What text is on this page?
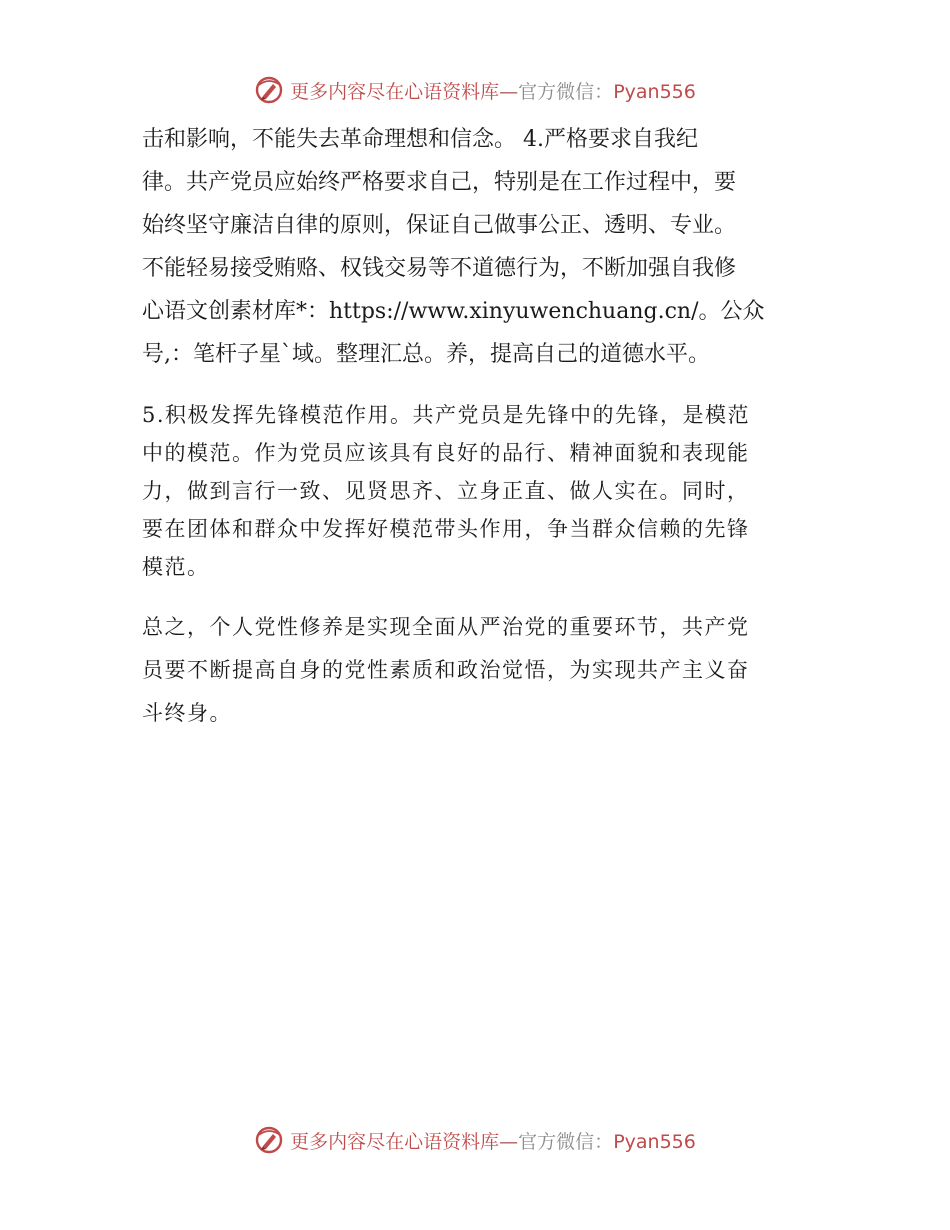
更多内容尽在心语资料库—官方微信：Pyan556

击和影响，不能失去革命理想和信念。 4.严格要求自我纪
律。共产党员应始终严格要求自己，特别是在工作过程中，要
始终坚守廉洁自律的原则，保证自己做事公正、透明、专业。
不能轻易接受贿赂、权钱交易等不道德行为，不断加强自我修
心语文创素材库*：https://www.xinyuwenchuang.cn/。公众
号,：笔杆子星`域。整理汇总。养，提高自己的道德水平。

5.积极发挥先锋模范作用。共产党员是先锋中的先锋，是模范
中的模范。作为党员应该具有良好的品行、精神面貌和表现能
力，做到言行一致、见贤思齐、立身正直、做人实在。同时，
要在团体和群众中发挥好模范带头作用，争当群众信赖的先锋
模范。

总之，个人党性修养是实现全面从严治党的重要环节，共产党
员要不断提高自身的党性素质和政治觉悟，为实现共产主义奋
斗终身。

更多内容尽在心语资料库—官方微信：Pyan556
